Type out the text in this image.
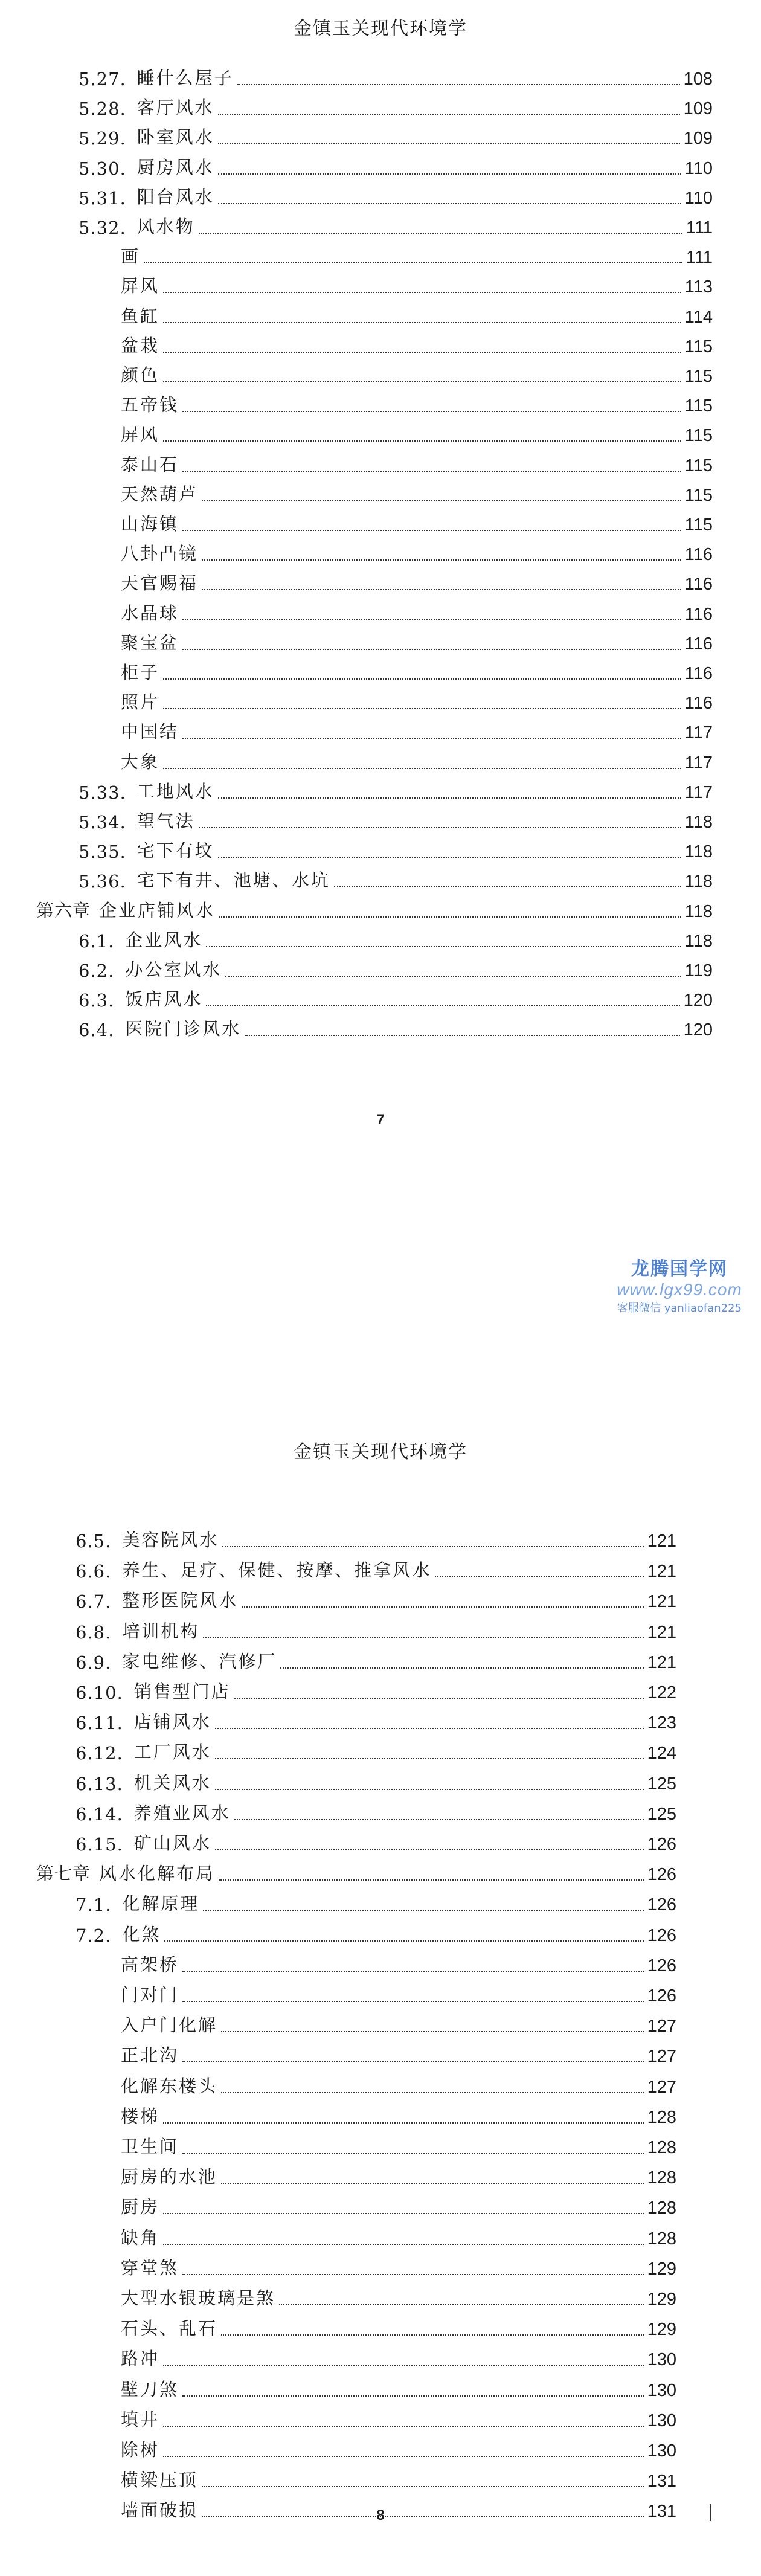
金镇玉关现代环境学
5.27. 睡什么屋子	108
5.28. 客厅风水	109
5.29. 卧室风水	109
5.30. 厨房风水	110
5.31. 阳台风水	110
5.32. 风水物	111
画	111
屏风	113
鱼缸	114
盆栽	115
颜色	115
五帝钱	115
屏风	115
泰山石	115
天然葫芦	115
山海镇	115
八卦凸镜	116
天官赐福	116
水晶球	116
聚宝盆	116
柜子	116
照片	116
中国结	117
大象	117
5.33. 工地风水	117
5.34. 望气法	118
5.35. 宅下有坟	118
5.36. 宅下有井、池塘、水坑	118
第六章 企业店铺风水	118
6.1. 企业风水	118
6.2. 办公室风水	119
6.3. 饭店风水	120
6.4. 医院门诊风水	120
7
龙腾国学网
www.lgx99.com
客服微信 yanliaofan225
金镇玉关现代环境学
6.5. 美容院风水	121
6.6. 养生、足疗、保健、按摩、推拿风水	121
6.7. 整形医院风水	121
6.8. 培训机构	121
6.9. 家电维修、汽修厂	121
6.10. 销售型门店	122
6.11. 店铺风水	123
6.12. 工厂风水	124
6.13. 机关风水	125
6.14. 养殖业风水	125
6.15. 矿山风水	126
第七章 风水化解布局	126
7.1. 化解原理	126
7.2. 化煞	126
高架桥	126
门对门	126
入户门化解	127
正北沟	127
化解东楼头	127
楼梯	128
卫生间	128
厨房的水池	128
厨房	128
缺角	128
穿堂煞	129
大型水银玻璃是煞	129
石头、乱石	129
路冲	130
壁刀煞	130
填井	130
除树	130
横梁压顶	131
墙面破损	131
8
